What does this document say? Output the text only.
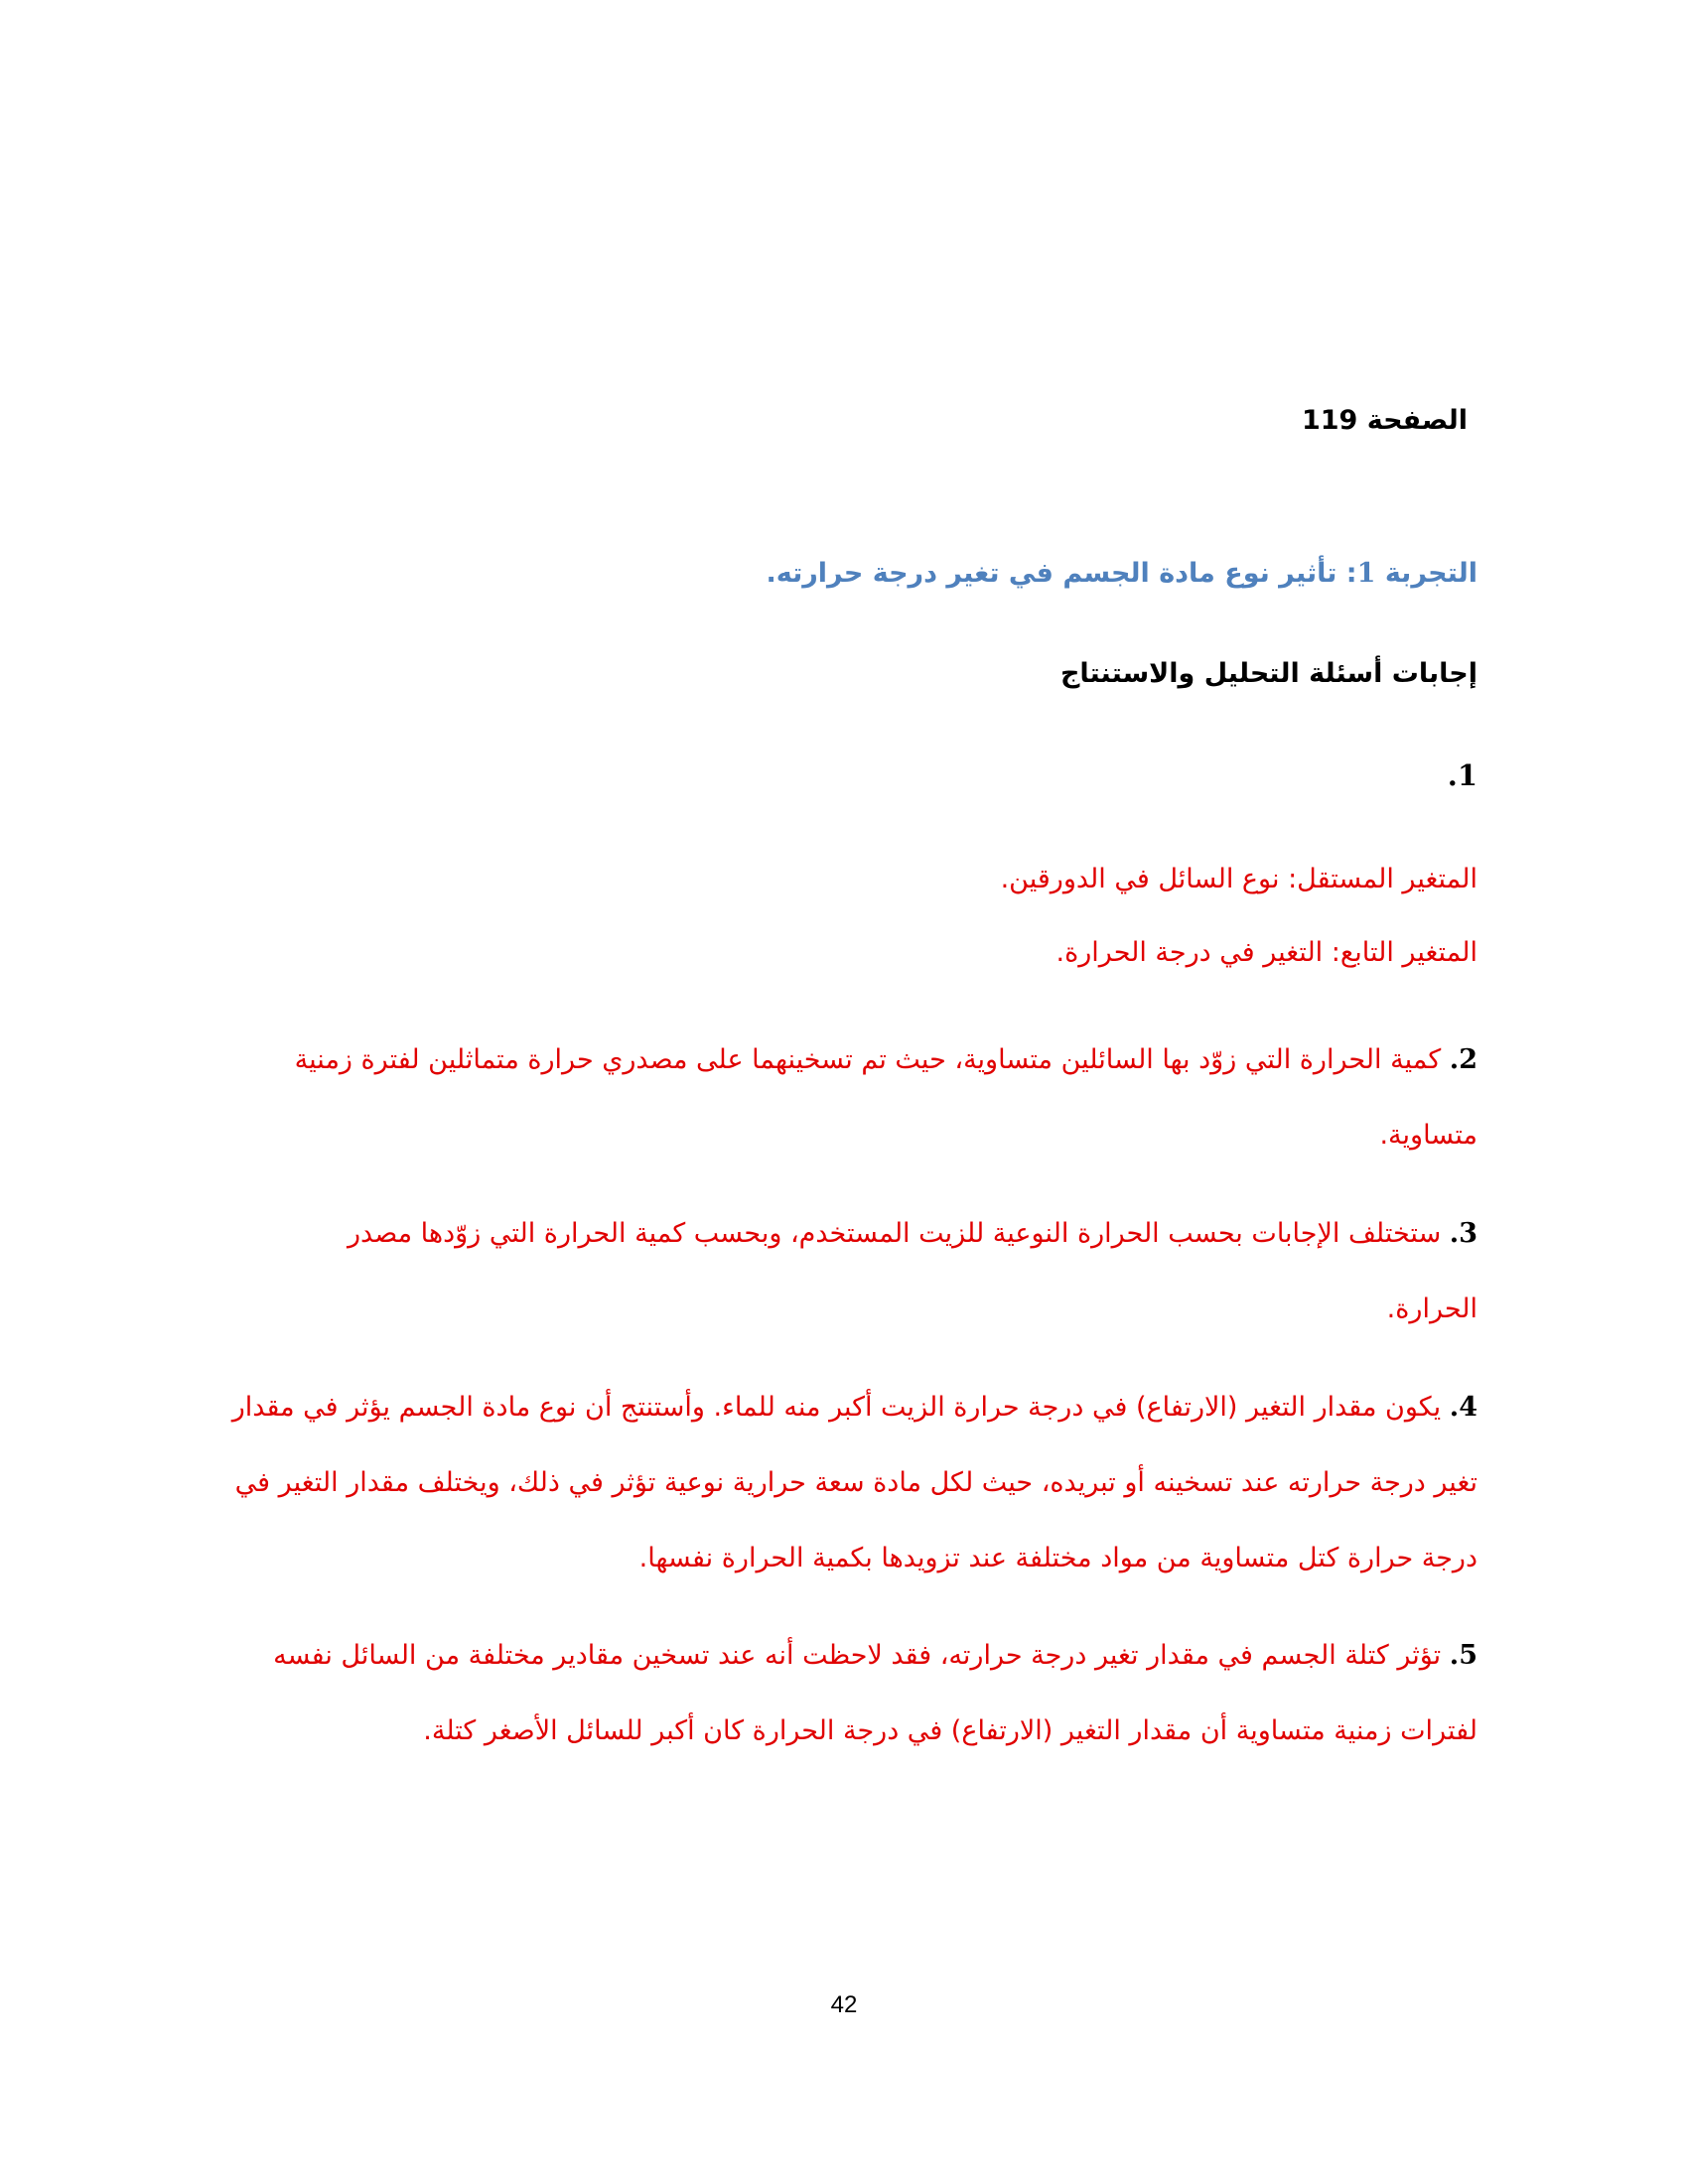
الصفحة 119

التجربة 1: تأثير نوع مادة الجسم في تغير درجة حرارته.

إجابات أسئلة التحليل والاستنتاج

1.

المتغير المستقل: نوع السائل في الدورقين.

المتغير التابع: التغير في درجة الحرارة.

2. كمية الحرارة التي زوّد بها السائلين متساوية، حيث تم تسخينهما على مصدري حرارة متماثلين لفترة زمنية متساوية.

3. ستختلف الإجابات بحسب الحرارة النوعية للزيت المستخدم، وبحسب كمية الحرارة التي زوّدها مصدر الحرارة.

4. يكون مقدار التغير (الارتفاع) في درجة حرارة الزيت أكبر منه للماء. وأستنتج أن نوع مادة الجسم يؤثر في مقدار تغير درجة حرارته عند تسخينه أو تبريده، حيث لكل مادة سعة حرارية نوعية تؤثر في ذلك، ويختلف مقدار التغير في درجة حرارة كتل متساوية من مواد مختلفة عند تزويدها بكمية الحرارة نفسها.

5. تؤثر كتلة الجسم في مقدار تغير درجة حرارته، فقد لاحظت أنه عند تسخين مقادير مختلفة من السائل نفسه لفترات زمنية متساوية أن مقدار التغير (الارتفاع) في درجة الحرارة كان أكبر للسائل الأصغر كتلة.

42
